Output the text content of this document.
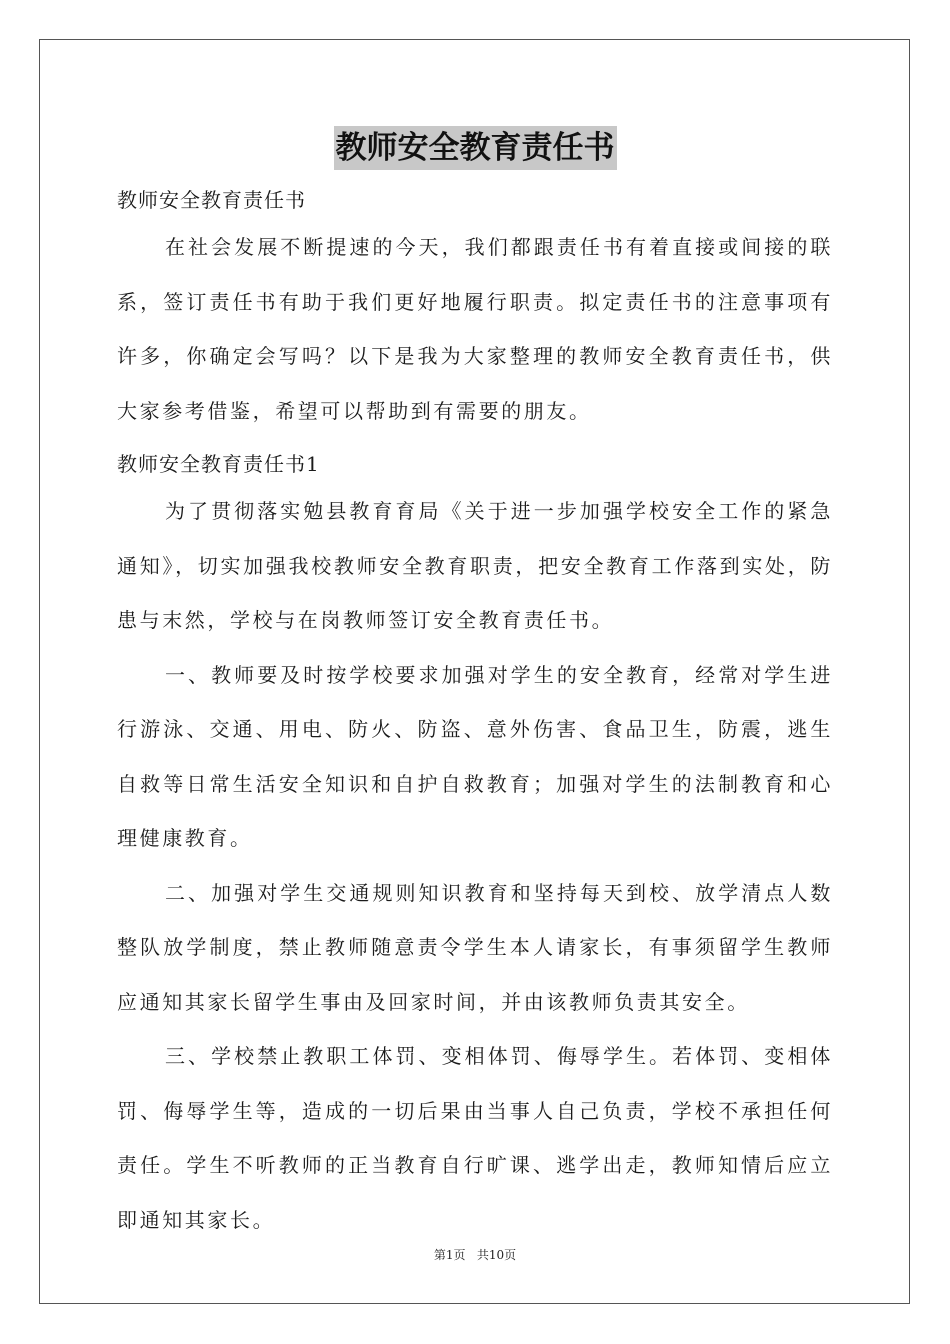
教师安全教育责任书

教师安全教育责任书

在社会发展不断提速的今天，我们都跟责任书有着直接或间接的联系，签订责任书有助于我们更好地履行职责。拟定责任书的注意事项有许多，你确定会写吗？以下是我为大家整理的教师安全教育责任书，供大家参考借鉴，希望可以帮助到有需要的朋友。

教师安全教育责任书1

为了贯彻落实勉县教育育局《关于进一步加强学校安全工作的紧急通知》，切实加强我校教师安全教育职责，把安全教育工作落到实处，防患与末然，学校与在岗教师签订安全教育责任书。

一、教师要及时按学校要求加强对学生的安全教育，经常对学生进行游泳、交通、用电、防火、防盗、意外伤害、食品卫生，防震，逃生自救等日常生活安全知识和自护自救教育；加强对学生的法制教育和心理健康教育。

二、加强对学生交通规则知识教育和坚持每天到校、放学清点人数整队放学制度，禁止教师随意责令学生本人请家长，有事须留学生教师应通知其家长留学生事由及回家时间，并由该教师负责其安全。

三、学校禁止教职工体罚、变相体罚、侮辱学生。若体罚、变相体罚、侮辱学生等，造成的一切后果由当事人自己负责，学校不承担任何责任。学生不听教师的正当教育自行旷课、逃学出走，教师知情后应立即通知其家长。

第1页 共10页
